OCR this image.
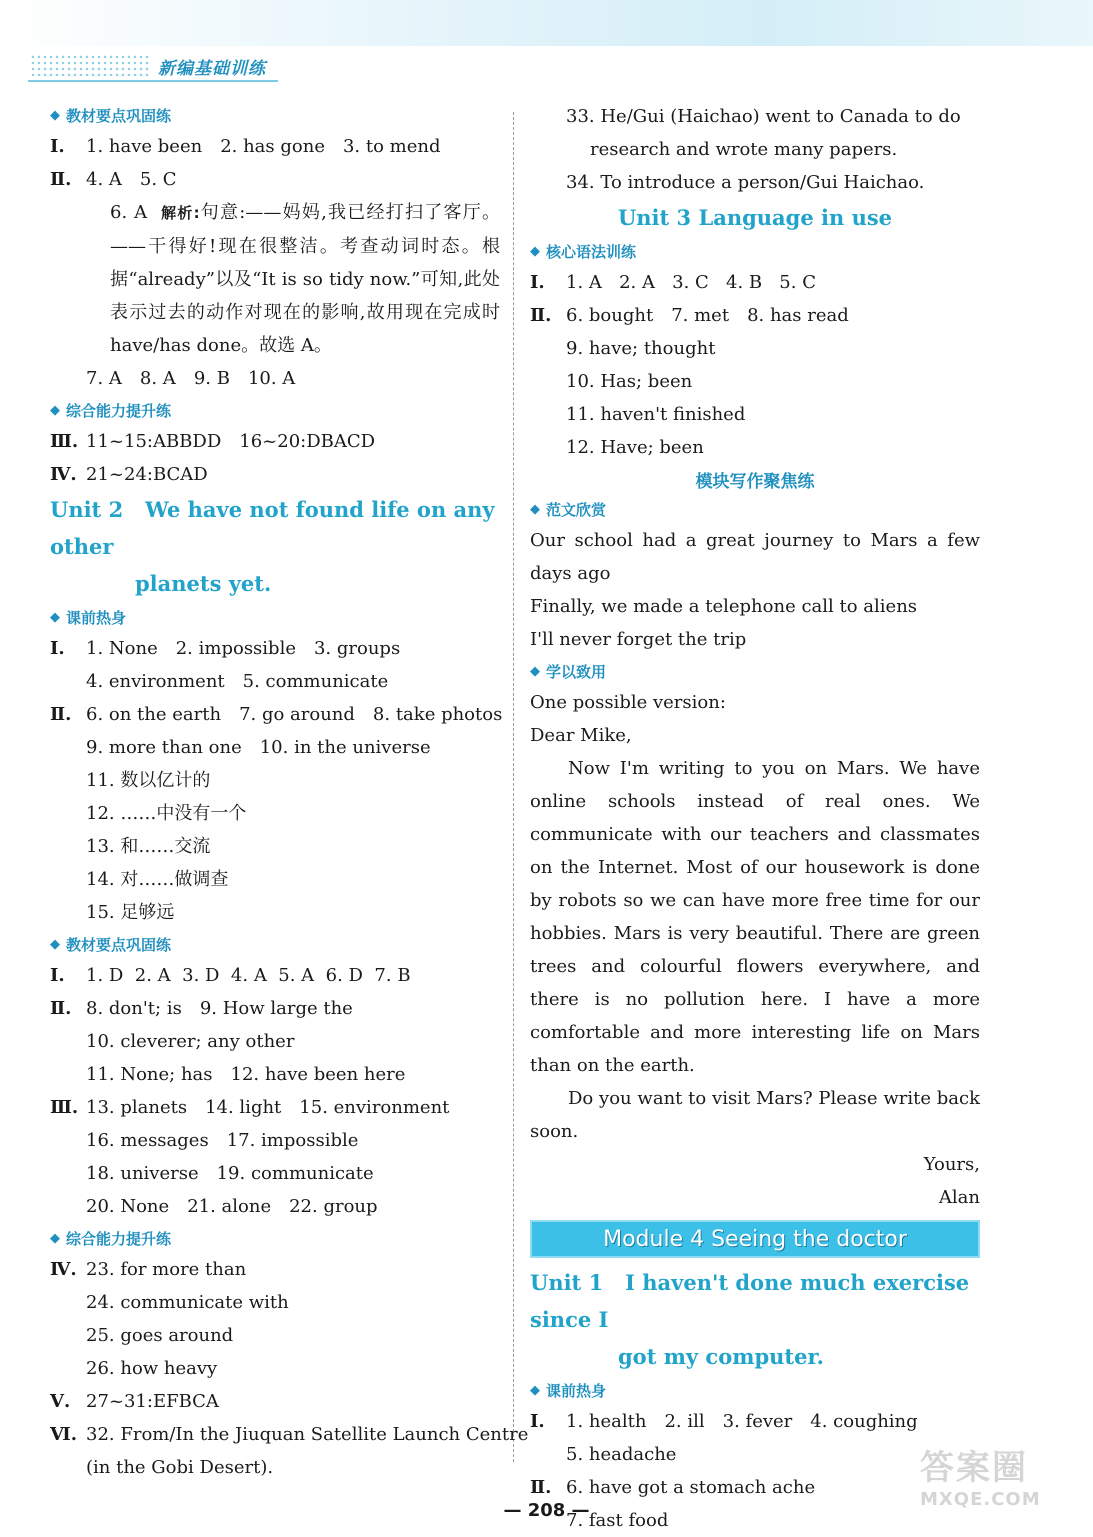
新编基础训练
◆ 教材要点巩固练
Ⅰ. 1. have been 2. has gone 3. to mend
Ⅱ. 4. A 5. C
6. A 解析:句意:——妈妈,我已经打扫了客厅。——干得好!现在很整洁。考查动词时态。根据“already”以及“It is so tidy now.”可知,此处表示过去的动作对现在的影响,故用现在完成时 have/has done。故选 A。
7. A 8. A 9. B 10. A
◆ 综合能力提升练
Ⅲ. 11~15:ABBDD 16~20:DBACD
Ⅳ. 21~24:BCAD
Unit 2 We have not found life on any other
planets yet.
◆ 课前热身
Ⅰ. 1. None 2. impossible 3. groups
4. environment 5. communicate
Ⅱ. 6. on the earth 7. go around 8. take photos
9. more than one 10. in the universe
11. 数以亿计的
12. ……中没有一个
13. 和……交流
14. 对……做调查
15. 足够远
◆ 教材要点巩固练
Ⅰ. 1. D 2. A 3. D 4. A 5. A 6. D 7. B
Ⅱ. 8. don't; is 9. How large the
10. cleverer; any other
11. None; has 12. have been here
Ⅲ. 13. planets 14. light 15. environment
16. messages 17. impossible
18. universe 19. communicate
20. None 21. alone 22. group
◆ 综合能力提升练
Ⅳ. 23. for more than
24. communicate with
25. goes around
26. how heavy
Ⅴ. 27~31:EFBCA
Ⅵ. 32. From/In the Jiuquan Satellite Launch Centre
(in the Gobi Desert).
33. He/Gui (Haichao) went to Canada to do
research and wrote many papers.
34. To introduce a person/Gui Haichao.
Unit 3 Language in use
◆ 核心语法训练
Ⅰ. 1. A 2. A 3. C 4. B 5. C
Ⅱ. 6. bought 7. met 8. has read
9. have; thought
10. Has; been
11. haven't finished
12. Have; been
模块写作聚焦练
◆ 范文欣赏
Our school had a great journey to Mars a few days ago
Finally, we made a telephone call to aliens
I'll never forget the trip
◆ 学以致用
One possible version:
Dear Mike,
Now I'm writing to you on Mars. We have online schools instead of real ones. We communicate with our teachers and classmates on the Internet. Most of our housework is done by robots so we can have more free time for our hobbies. Mars is very beautiful. There are green trees and colourful flowers everywhere, and there is no pollution here. I have a more comfortable and more interesting life on Mars than on the earth.
Do you want to visit Mars? Please write back soon.
Yours,
Alan
Module 4 Seeing the doctor
Unit 1 I haven't done much exercise since I
got my computer.
◆ 课前热身
Ⅰ. 1. health 2. ill 3. fever 4. coughing
5. headache
Ⅱ. 6. have got a stomach ache
7. fast food
— 208 —
答案圈
MXQE.COM
